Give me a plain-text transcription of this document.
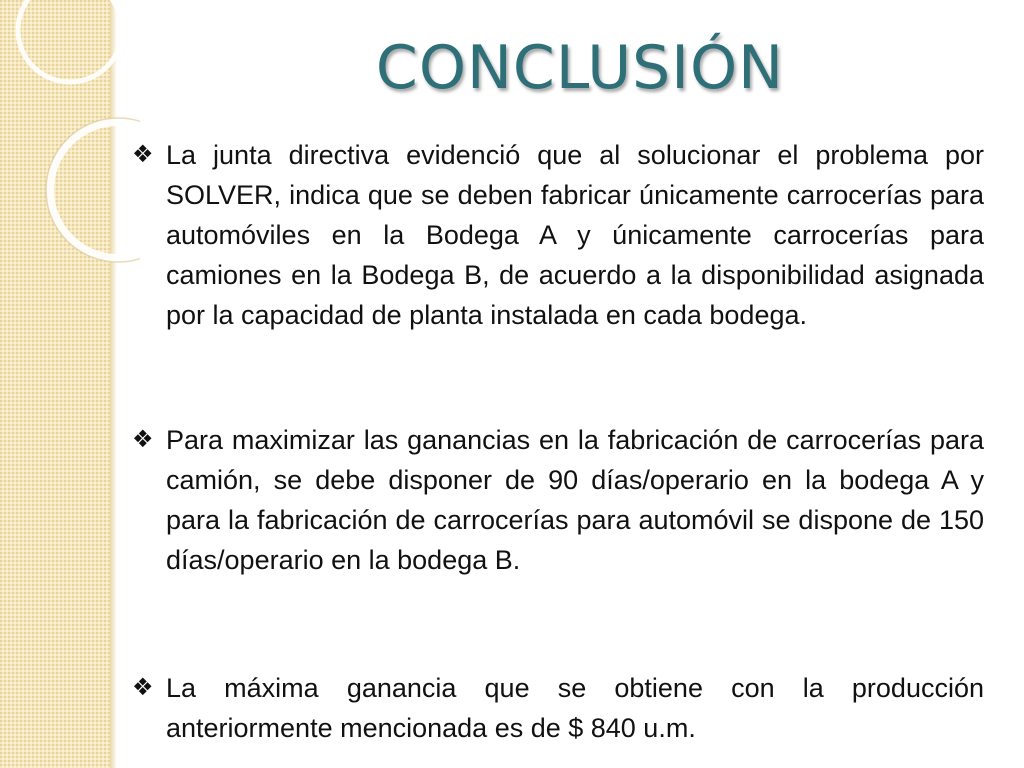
CONCLUSIÓN
❖ La junta directiva evidenció que al solucionar el problema por SOLVER, indica que se deben fabricar únicamente carrocerías para automóviles en la Bodega A y únicamente carrocerías para camiones en la Bodega B, de acuerdo a la disponibilidad asignada por la capacidad de planta instalada en cada bodega.
❖ Para maximizar las ganancias en la fabricación de carrocerías para camión, se debe disponer de 90 días/operario en la bodega A y para la fabricación de carrocerías para automóvil se dispone de 150 días/operario en la bodega B.
❖ La máxima ganancia que se obtiene con la producción anteriormente mencionada es de $ 840 u.m.
